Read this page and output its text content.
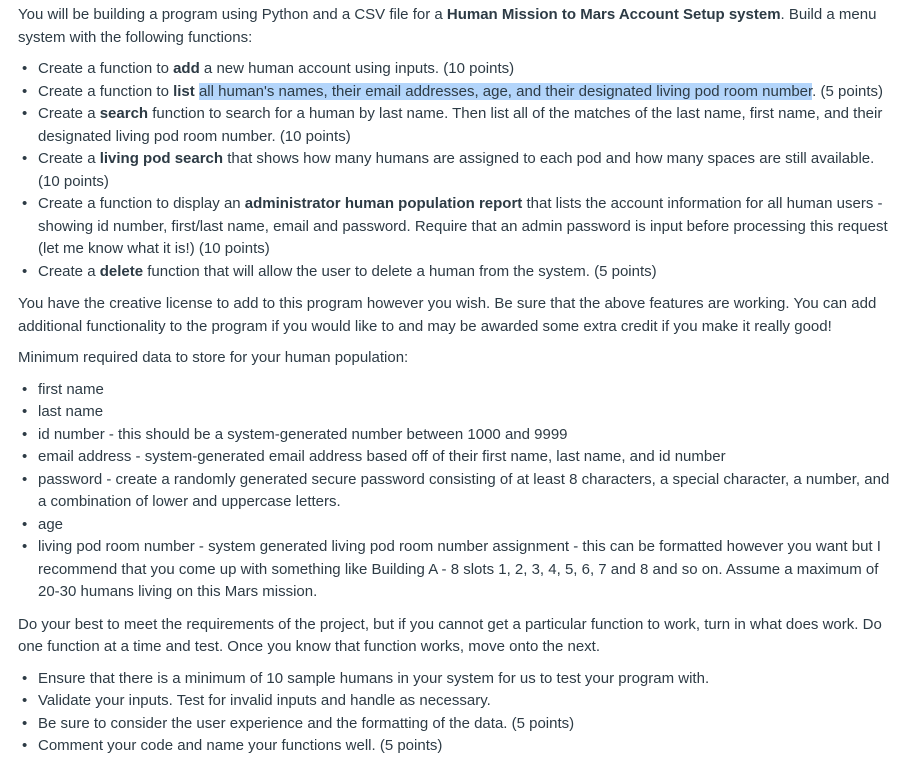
You will be building a program using Python and a CSV file for a Human Mission to Mars Account Setup system. Build a menu system with the following functions:

• Create a function to add a new human account using inputs. (10 points)
• Create a function to list all human's names, their email addresses, age, and their designated living pod room number. (5 points)
• Create a search function to search for a human by last name. Then list all of the matches of the last name, first name, and their designated living pod room number. (10 points)
• Create a living pod search that shows how many humans are assigned to each pod and how many spaces are still available. (10 points)
• Create a function to display an administrator human population report that lists the account information for all human users - showing id number, first/last name, email and password. Require that an admin password is input before processing this request (let me know what it is!) (10 points)
• Create a delete function that will allow the user to delete a human from the system. (5 points)

You have the creative license to add to this program however you wish. Be sure that the above features are working. You can add additional functionality to the program if you would like to and may be awarded some extra credit if you make it really good!

Minimum required data to store for your human population:

• first name
• last name
• id number - this should be a system-generated number between 1000 and 9999
• email address - system-generated email address based off of their first name, last name, and id number
• password - create a randomly generated secure password consisting of at least 8 characters, a special character, a number, and a combination of lower and uppercase letters.
• age
• living pod room number - system generated living pod room number assignment - this can be formatted however you want but I recommend that you come up with something like Building A - 8 slots 1, 2, 3, 4, 5, 6, 7 and 8 and so on. Assume a maximum of 20-30 humans living on this Mars mission.

Do your best to meet the requirements of the project, but if you cannot get a particular function to work, turn in what does work. Do one function at a time and test. Once you know that function works, move onto the next.

• Ensure that there is a minimum of 10 sample humans in your system for us to test your program with.
• Validate your inputs. Test for invalid inputs and handle as necessary.
• Be sure to consider the user experience and the formatting of the data. (5 points)
• Comment your code and name your functions well. (5 points)
